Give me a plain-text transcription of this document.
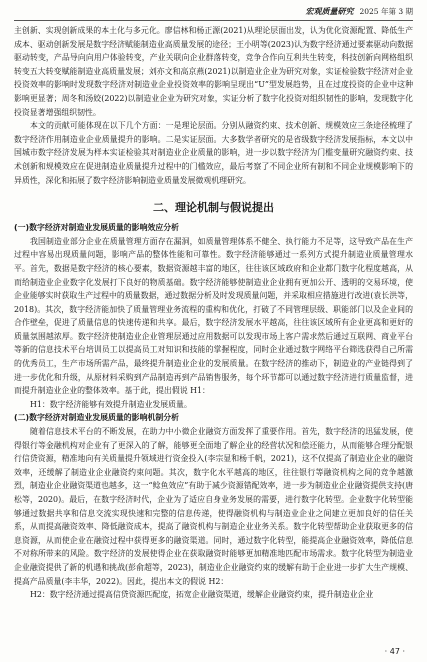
宏观质量研究 2025 年第 3 期

主创新、实现创新成果的本土化与多元化。廖信林和杨正源(2021)从理论层面出发，认为优化资源配置、降低生产成本、驱动创新发展是数字经济赋能制造业高质量发展的途径；王小明等(2023)认为数字经济通过要素驱动向数据驱动转变，产品导向向用户体验转变，产业关联向企业群落转变，竞争合作向互利共生转变，科技创新向网格组织转变五大转变赋能制造业高质量发展；刘亦文和高京燕(2021)以制造业企业为研究对象，实证检验数字经济对企业投资效率的影响时发现数字经济对制造业企业投资效率的影响呈现出“U”型发展趋势，且在过度投资的企业中这种影响更显著；周冬和汤姣(2022)以制造业企业为研究对象，实证分析了数字化投资对组织韧性的影响，发现数字化投资显著增强组织韧性。

本文的贡献可能体现在以下几个方面：一是理论层面。分别从融资约束、技术创新、规模效应三条途径梳理了数字经济作用制造业企业质量提升的影响。二是实证层面。大多数学者研究的是省级数字经济发展指标，本文以中国城市数字经济发展为样本实证检验其对制造业企业质量的影响，进一步以数字经济为门槛变量研究融资约束、技术创新和规模效应在促进制造业质量提升过程中的门槛效应，最后考察了不同企业所有制和不同企业规模影响下的异质性，深化和拓展了数字经济影响制造业质量发展微观机理研究。

二、理论机制与假说提出

(一)数字经济对制造业发展质量的影响效应分析

我国制造业部分企业在质量管理方面存在漏洞，如质量管理体系不健全、执行能力不足等，这导致产品在生产过程中容易出现质量问题，影响产品的整体性能和可靠性。数字经济能够通过一系列方式提升制造业质量管理水平。首先，数据是数字经济的核心要素，数据资源越丰富的地区，往往该区域政府和企业都门数字化程度越高，从而给制造业企业数字化发展打下良好的物质基础。数字经济能够使制造业企业拥有更加公开、透明的交易环境，使企业能够实时获取生产过程中的质量数据，通过数据分析及时发现质量问题，并采取相应措施进行改进(袁长洪等，2018)。其次，数字经济能加快了质量管理业务流程的重构和优化，打破了不同管理层级、职能部门以及企业间的合作壁垒，促进了质量信息的快速传递和共享。最后，数字经济发展水平越高，往往该区域所有企业更高和更好的质量氛围越浓厚。数字经济使制造业企业管理层通过应用数据可以发现市场上客户需求然后通过互联网、商业平台等新的信息技术平台培训员工以提高员工对知识和技能的掌握程度，同时企业通过数字网络平台筛选获得自己所需的优秀员工，生产市场所需产品，最终提升制造业企业的发展质量。在数字经济的推动下，制造业的产业链得到了进一步优化和升级，从原材料采购到产品制造再到产品销售服务，每个环节都可以通过数字经济进行质量监督，进而提升制造业企业的整体效率。基于此，提出假说 H1：

H1：数字经济能够有效提升制造业发展质量。

(二)数字经济对制造业发展质量的影响机制分析

随着信息技术平台的不断发展，在助力中小微企业融资方面发挥了重要作用。首先，数字经济的迅猛发展，使得银行等金融机构对企业有了更深入的了解，能够更全面地了解企业的经营状况和偿还能力，从而能够合理分配银行信贷资源，精准地向有关质量提升领域进行资金投入(李宗显和杨千帆，2021)，这不仅提高了制造业企业的融资效率，还缓解了制造业企业融资约束问题。其次，数字化水平越高的地区，往往银行等融资机构之间的竞争越激烈，制造业企业融资渠道也越多，这一“鲶鱼效应”有助于减少资源错配效率，进一步为制造业企业融资提供支持(唐松等，2020)。最后，在数字经济时代，企业为了适应自身业务发展的需要，进行数字化转型。企业数字化转型能够通过数据共享和信息交流实现快速和完整的信息传递，使得融资机构与制造业企业之间建立更加良好的信任关系，从而提高融资效率、降低融资成本，提高了融资机构与制造企业业务关系。数字化转型帮助企业获取更多的信息资源，从而使企业在融资过程中获得更多的融资渠道。同时，通过数字化转型，能提高企业融资效率，降低信息不对称所带来的风险。数字经济的发展使得企业在获取融资时能够更加精准地匹配市场需求。数字化转型为制造业企业融资提供了新的机遇和挑战(彭俞超等，2023)，制造业企业融资约束的缓解有助于企业进一步扩大生产规模、提高产品质量(李丰华，2022)。因此，提出本文的假说 H2：

H2：数字经济通过提高信贷资源匹配度，拓宽企业融资渠道，缓解企业融资约束，提升制造业企业

· 47 ·
